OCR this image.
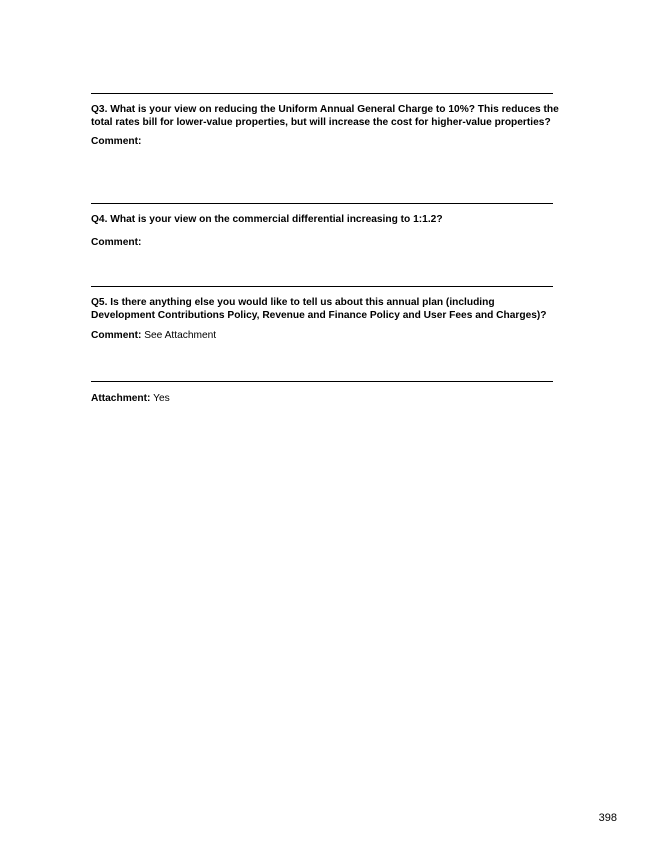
Q3. What is your view on reducing the Uniform Annual General Charge to 10%? This reduces the total rates bill for lower-value properties, but will increase the cost for higher-value properties?

Comment:

Q4. What is your view on the commercial differential increasing to 1:1.2?

Comment:

Q5. Is there anything else you would like to tell us about this annual plan (including Development Contributions Policy, Revenue and Finance Policy and User Fees and Charges)?

Comment: See Attachment

Attachment: Yes

398
